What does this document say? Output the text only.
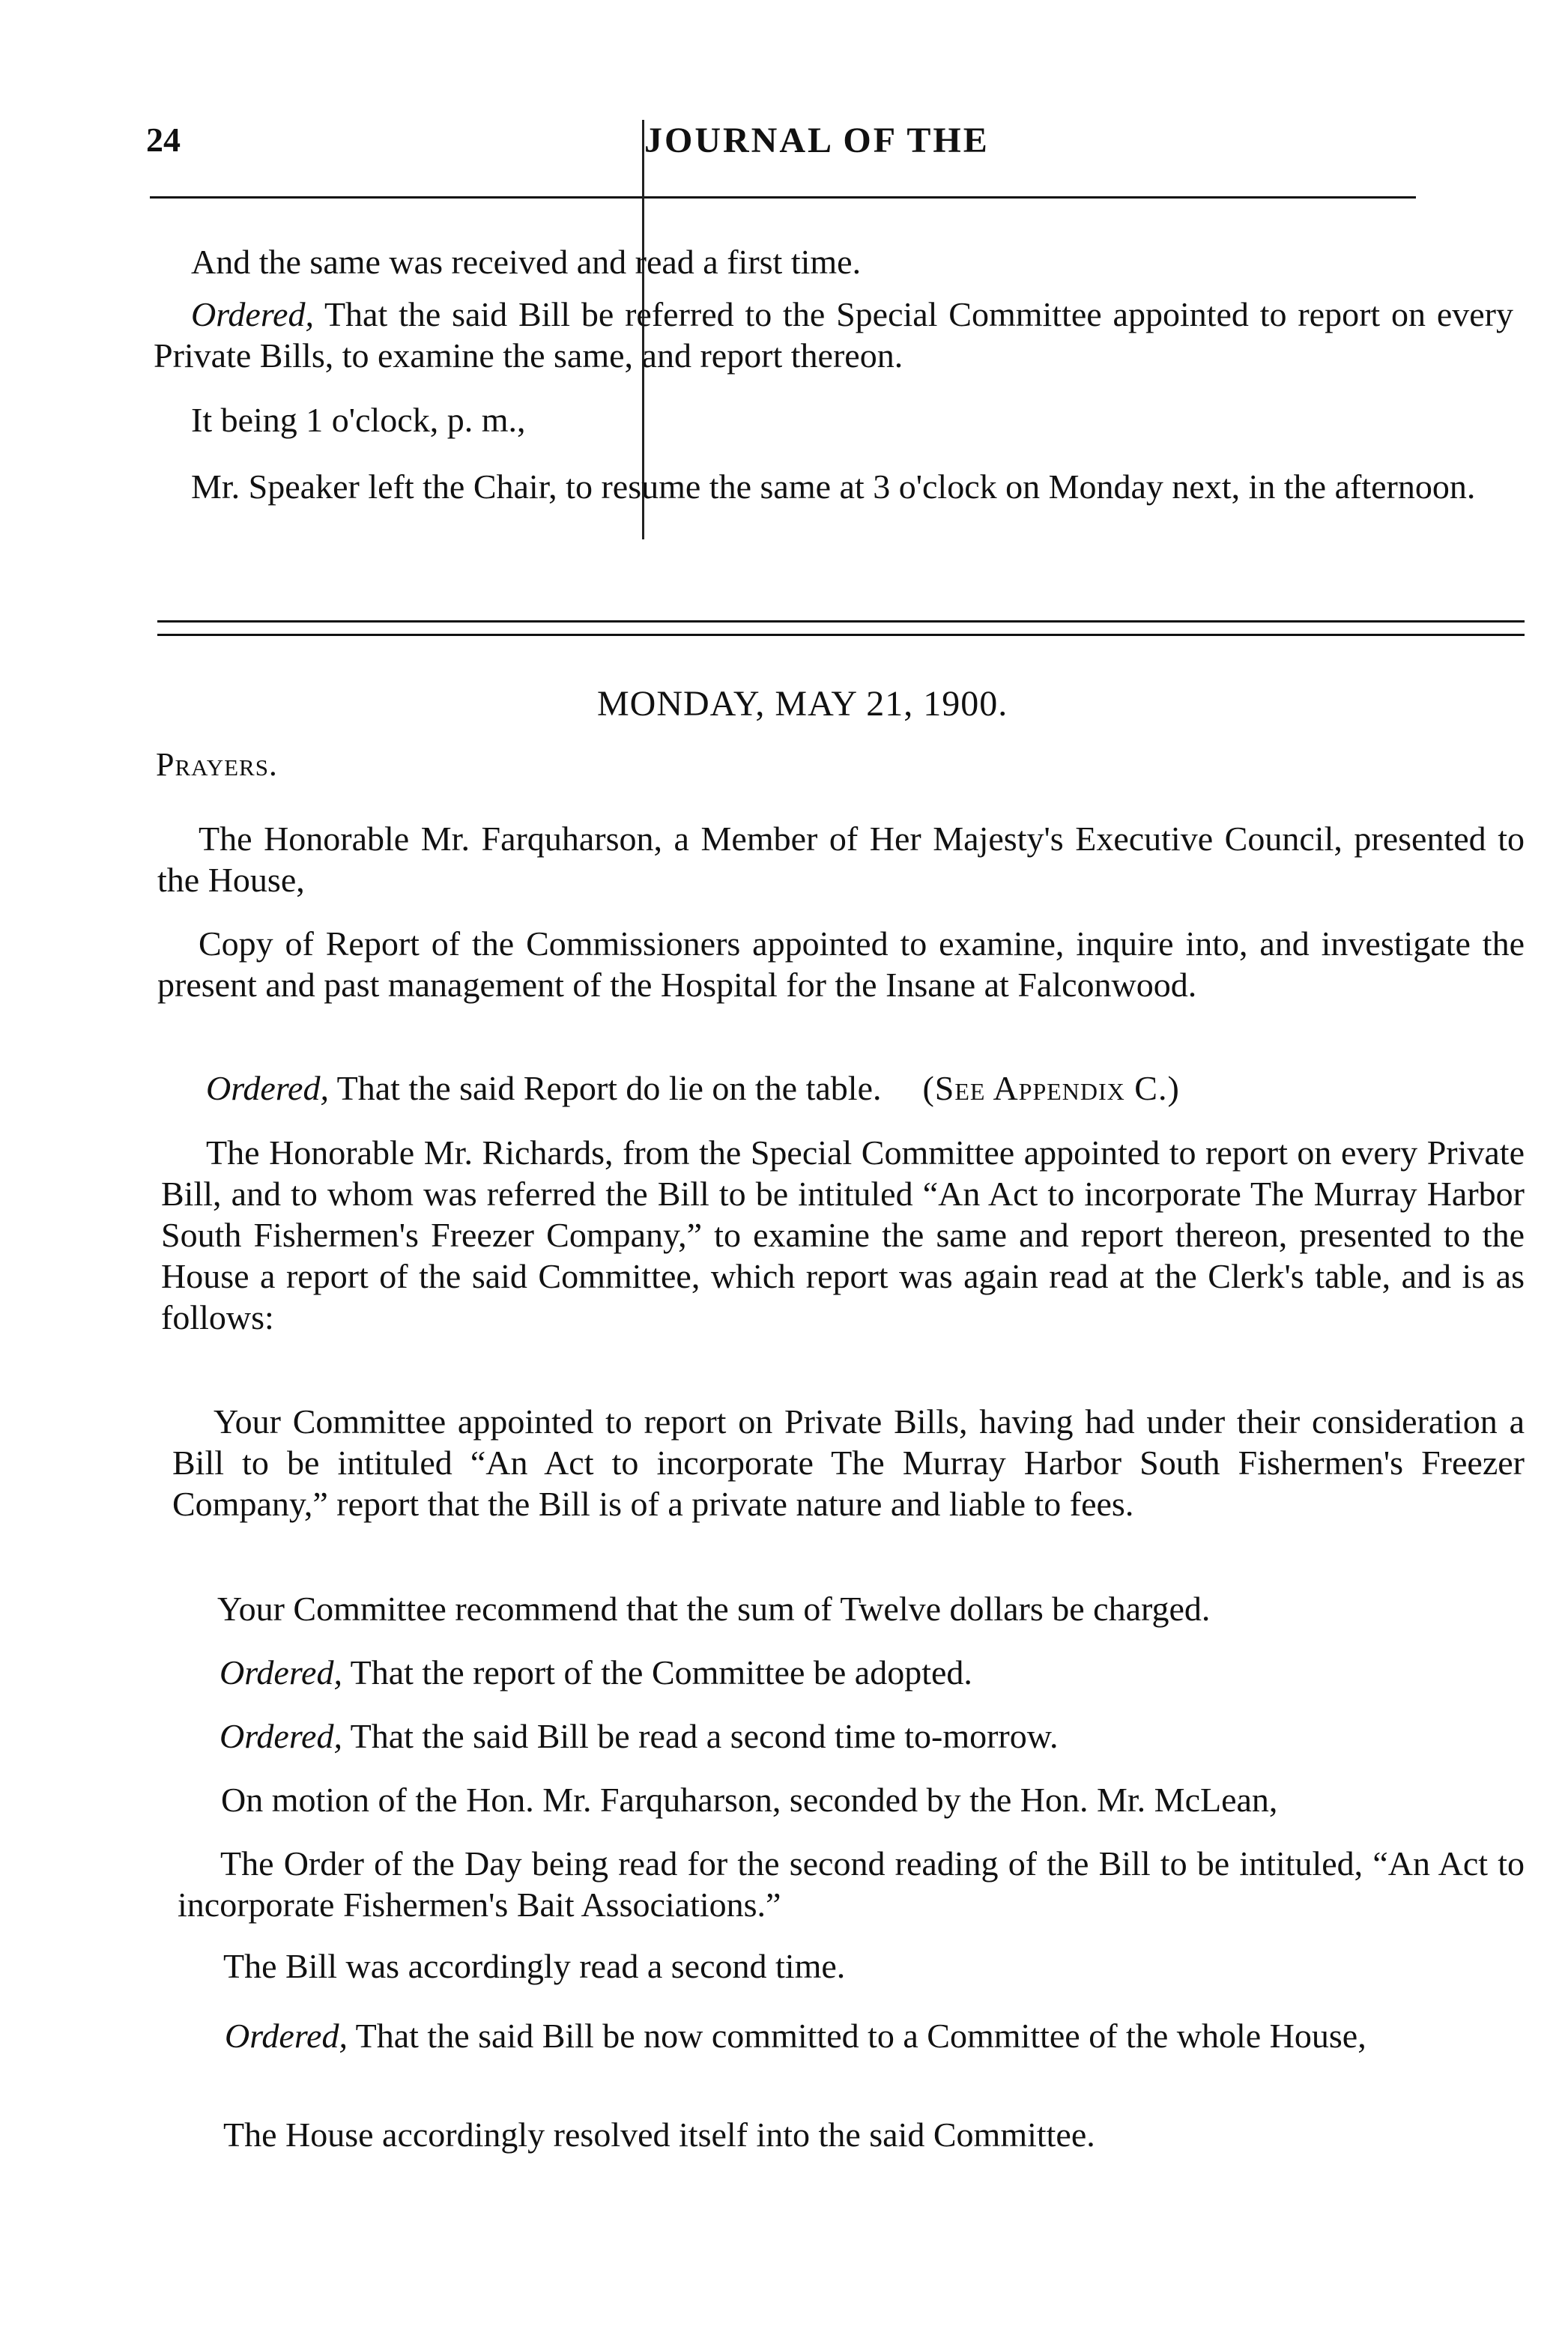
24	JOURNAL OF THE

And the same was received and read a first time.

Ordered, That the said Bill be referred to the Special Committee appointed to report on every Private Bills, to examine the same, and report thereon.

It being 1 o'clock, p. m.,

Mr. Speaker left the Chair, to resume the same at 3 o'clock on Monday next, in the afternoon.

MONDAY, MAY 21, 1900.
Prayers.

The Honorable Mr. Farquharson, a Member of Her Majesty's Executive Council, presented to the House,

Copy of Report of the Commissioners appointed to examine, inquire into, and investigate the present and past management of the Hospital for the Insane at Falconwood.

Ordered, That the said Report do lie on the table. (See Appendix C.)

The Honorable Mr. Richards, from the Special Committee appointed to report on every Private Bill, and to whom was referred the Bill to be intituled “An Act to incorporate The Murray Harbor South Fishermen's Freezer Company,” to examine the same and report thereon, presented to the House a report of the said Committee, which report was again read at the Clerk's table, and is as follows:

Your Committee appointed to report on Private Bills, having had under their consideration a Bill to be intituled “An Act to incorporate The Murray Harbor South Fishermen's Freezer Company,” report that the Bill is of a private nature and liable to fees.

Your Committee recommend that the sum of Twelve dollars be charged.

Ordered, That the report of the Committee be adopted.

Ordered, That the said Bill be read a second time to-morrow.

On motion of the Hon. Mr. Farquharson, seconded by the Hon. Mr. McLean,

The Order of the Day being read for the second reading of the Bill to be intituled, “An Act to incorporate Fishermen's Bait Associations.”

The Bill was accordingly read a second time.

Ordered, That the said Bill be now committed to a Committee of the whole House,

The House accordingly resolved itself into the said Committee.
